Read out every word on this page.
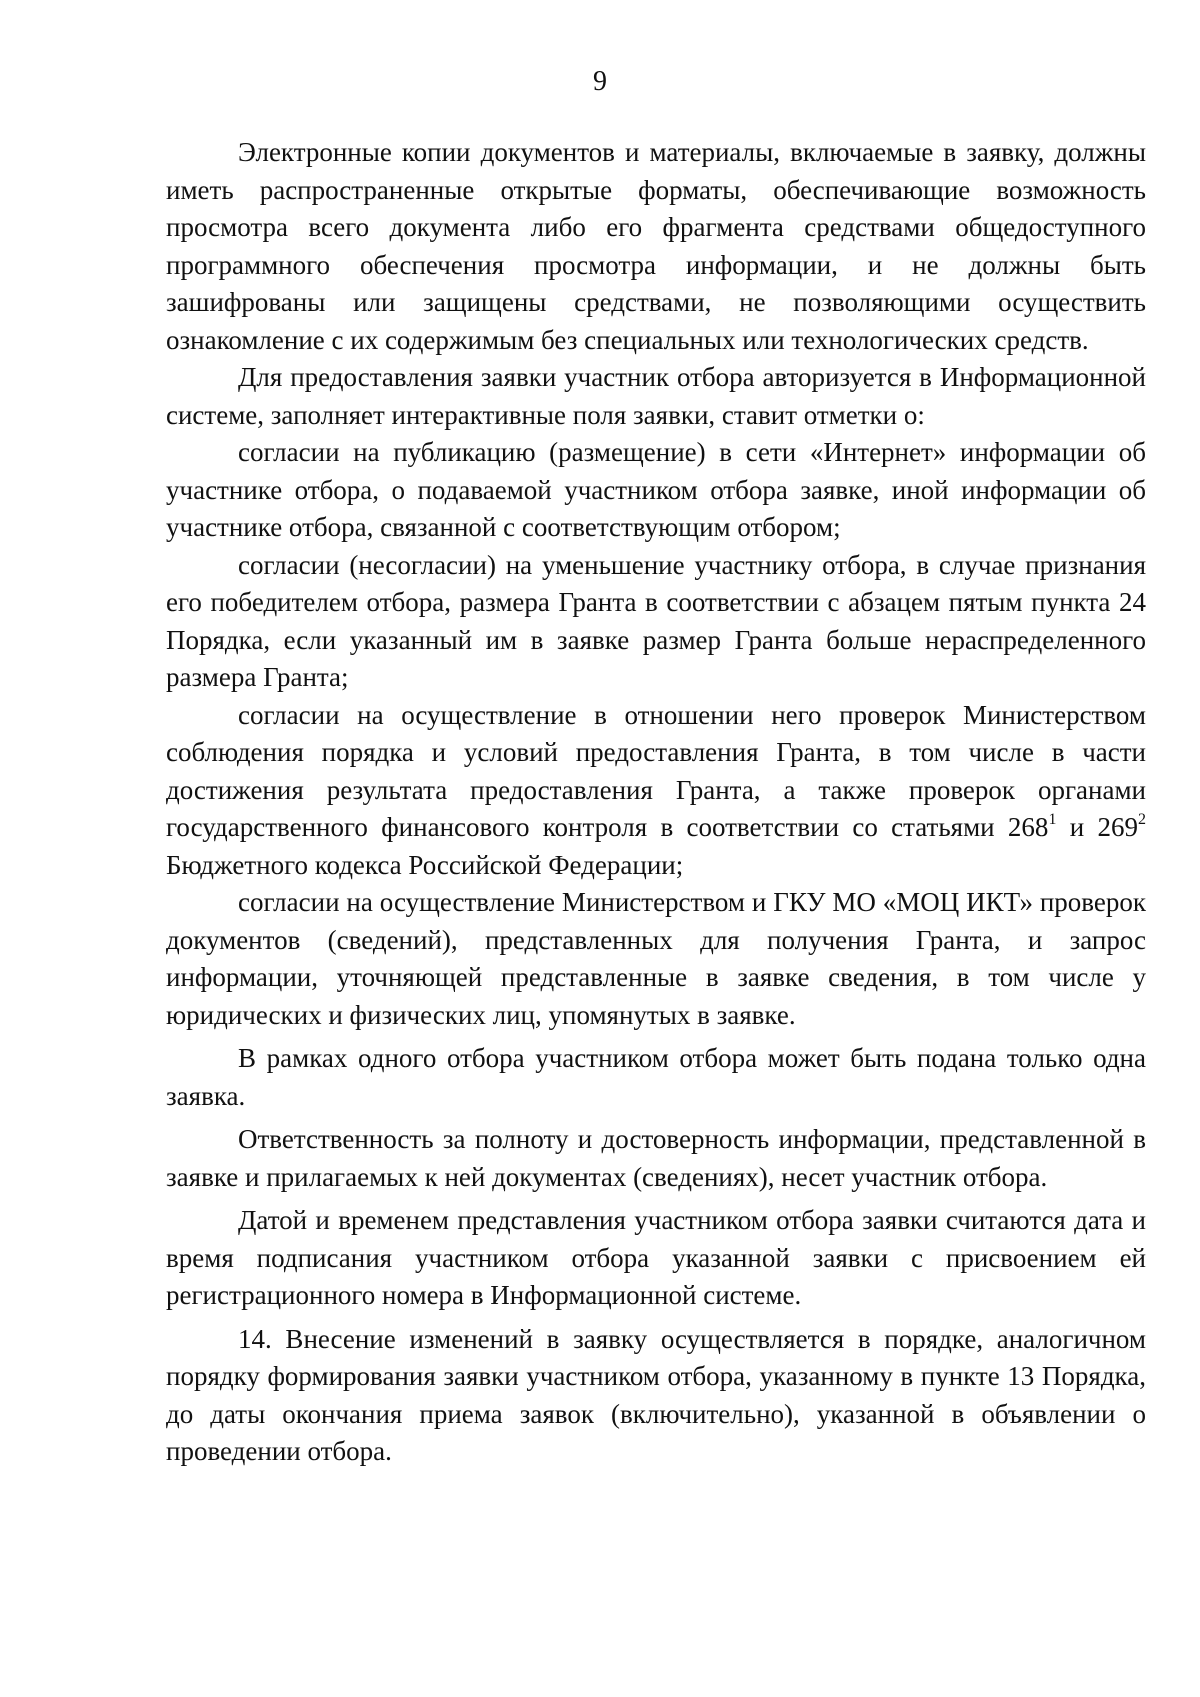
9

Электронные копии документов и материалы, включаемые в заявку, должны иметь распространенные открытые форматы, обеспечивающие возможность просмотра всего документа либо его фрагмента средствами общедоступного программного обеспечения просмотра информации, и не должны быть зашифрованы или защищены средствами, не позволяющими осуществить ознакомление с их содержимым без специальных или технологических средств.

Для предоставления заявки участник отбора авторизуется в Информационной системе, заполняет интерактивные поля заявки, ставит отметки о:

согласии на публикацию (размещение) в сети «Интернет» информации об участнике отбора, о подаваемой участником отбора заявке, иной информации об участнике отбора, связанной с соответствующим отбором;

согласии (несогласии) на уменьшение участнику отбора, в случае признания его победителем отбора, размера Гранта в соответствии с абзацем пятым пункта 24 Порядка, если указанный им в заявке размер Гранта больше нераспределенного размера Гранта;

согласии на осуществление в отношении него проверок Министерством соблюдения порядка и условий предоставления Гранта, в том числе в части достижения результата предоставления Гранта, а также проверок органами государственного финансового контроля в соответствии со статьями $268^1$ и $269^2$ Бюджетного кодекса Российской Федерации;

согласии на осуществление Министерством и ГКУ МО «МОЦ ИКТ» проверок документов (сведений), представленных для получения Гранта, и запрос информации, уточняющей представленные в заявке сведения, в том числе у юридических и физических лиц, упомянутых в заявке.

В рамках одного отбора участником отбора может быть подана только одна заявка.

Ответственность за полноту и достоверность информации, представленной в заявке и прилагаемых к ней документах (сведениях), несет участник отбора.

Датой и временем представления участником отбора заявки считаются дата и время подписания участником отбора указанной заявки с присвоением ей регистрационного номера в Информационной системе.

14. Внесение изменений в заявку осуществляется в порядке, аналогичном порядку формирования заявки участником отбора, указанному в пункте 13 Порядка, до даты окончания приема заявок (включительно), указанной в объявлении о проведении отбора.
